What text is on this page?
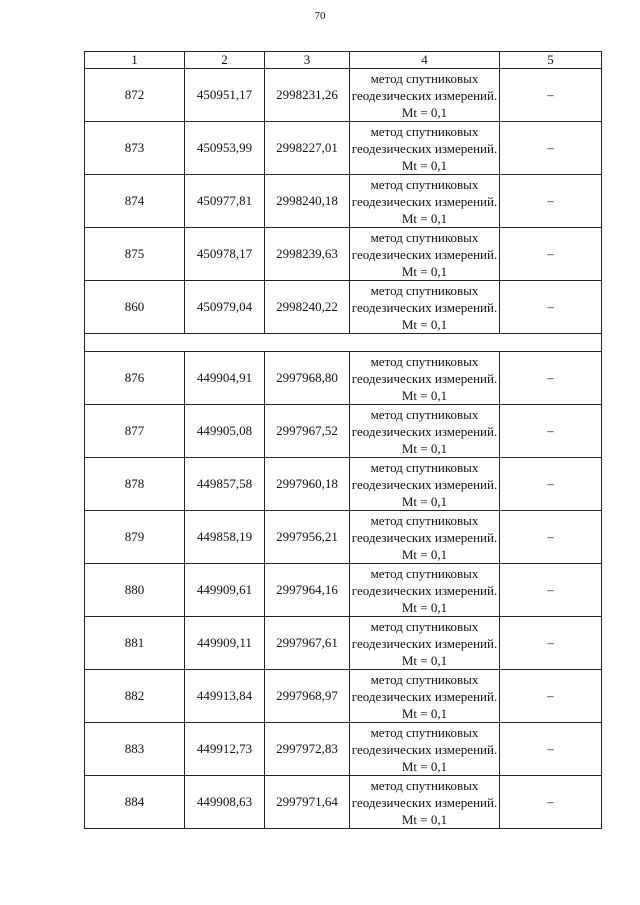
70
1	2	3	4	5
872	450951,17	2998231,26	метод спутниковых геодезических измерений. Mt = 0,1	–
873	450953,99	2998227,01	метод спутниковых геодезических измерений. Mt = 0,1	–
874	450977,81	2998240,18	метод спутниковых геодезических измерений. Mt = 0,1	–
875	450978,17	2998239,63	метод спутниковых геодезических измерений. Mt = 0,1	–
860	450979,04	2998240,22	метод спутниковых геодезических измерений. Mt = 0,1	–

876	449904,91	2997968,80	метод спутниковых геодезических измерений. Mt = 0,1	–
877	449905,08	2997967,52	метод спутниковых геодезических измерений. Mt = 0,1	–
878	449857,58	2997960,18	метод спутниковых геодезических измерений. Mt = 0,1	–
879	449858,19	2997956,21	метод спутниковых геодезических измерений. Mt = 0,1	–
880	449909,61	2997964,16	метод спутниковых геодезических измерений. Mt = 0,1	–
881	449909,11	2997967,61	метод спутниковых геодезических измерений. Mt = 0,1	–
882	449913,84	2997968,97	метод спутниковых геодезических измерений. Mt = 0,1	–
883	449912,73	2997972,83	метод спутниковых геодезических измерений. Mt = 0,1	–
884	449908,63	2997971,64	метод спутниковых геодезических измерений. Mt = 0,1	–
